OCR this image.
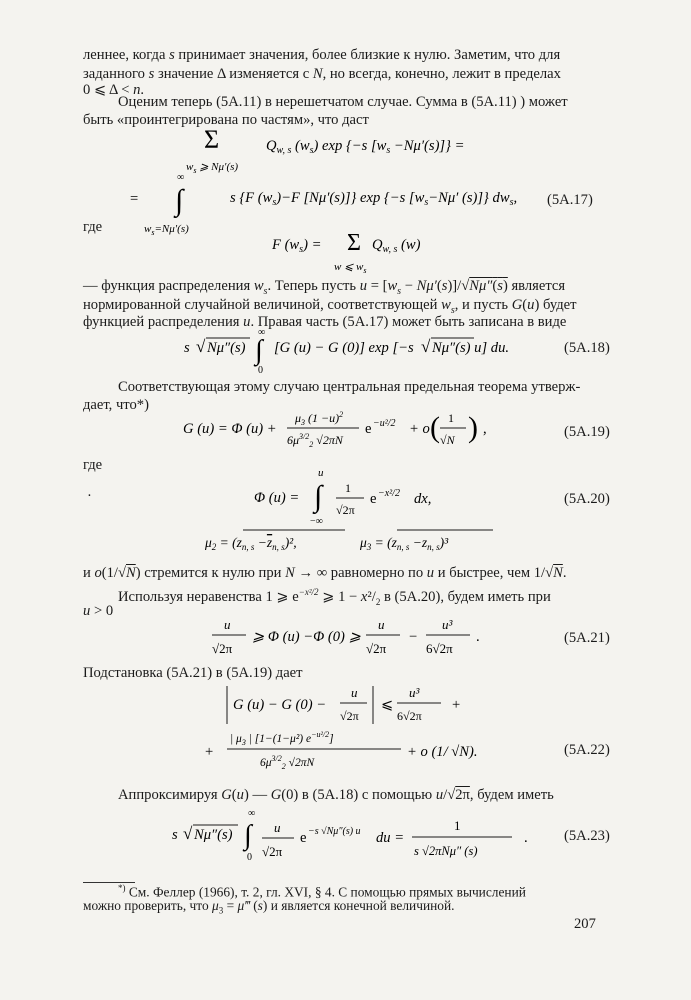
леннее, когда s принимает значения, более близкие к нулю. Заметим, что для
заданного s значение Δ изменяется с N, но всегда, конечно, лежит в пределах
0 ⩽ Δ < n.
Оценим теперь (5А.11) в нерешетчатом случае. Сумма в (5А.11) ) может
быть «проинтегрирована по частям», что даст
Σ
$w_s$ ⩾ Nμ′(s)
$Q_{w, s}$ $(w_s)$ exp {−s $[w_s -N\mu'(s)]$} =
=
∞
∫
$w_s=N\mu'(s)$
s {F $(w_s)-F$ [Nμ′(s)]} exp {−s [$w_s-N\mu'$ (s)]} $dw_s$, (5А.17)
где
F $(w_s) = \Sigma$
w ⩽ $w_s$
$Q_{w, s}$ (w)
— функция распределения $w_s$. Теперь пусть $u = [w_s - N\mu'(s)]/√N\mu''(s)$ является
нормированной случайной величиной, соответствующей $w_s$, и пусть G(u) будет
функцией распределения u. Правая часть (5А.17) может быть записана в виде
s √ Nμ″(s)
∞
∫
0
[G (u) − G (0)] exp [−s √ Nμ″(s) u] du.	(5А.18)
Соответствующая этому случаю центральная предельная теорема утверж-
дает, что*)
G (u) = Φ (u) +
$\mu_3$ $(1 -u)^2$
$6\mu^{3/2}_2$ √2πN
e −u²/2 + o ( 1
√N ) ,	(5А.19)
где
·	Φ (u) =
u
∫
−∞
1
√2π
e −x²/2 dx,	(5А.20)
$\mu_2 = (z_{n, s} -z_{n, s})^2$,	$\mu_3 = (z_{n, s} -z_{n, s})^3$
и o(1/√N) стремится к нулю при N → ∞ равномерно по u и быстрее, чем 1/√N.
Используя неравенства 1 ⩾ $e^{-x^2/2}$ ⩾ $1 - x^2/_2$ в (5А.20), будем иметь при
u > 0
u
√2π
⩾ Φ (u) −Φ (0) ⩾
u
√2π
−
u³
6√2π
.	(5А.21)
Подстановка (5А.21) в (5А.19) дает
G (u) − G (0) −
u
√2π
⩽
u³
6√2π
+
+
| $\mu_3$ | [1−(1−μ²) $e^{-u^2/2}$]
$6\mu^{3/2}_2$ √2πN
+ o (1/ √N).	(5А.22)
Аппроксимируя G(u) — G(0) в (5А.18) с помощью u/√2π, будем иметь
s √ Nμ″(s)
∞
∫
0
u
√2π
e −s √Nμ″(s) u du =
1
s √2πNμ″ (s)
. (5А.23)
*) См. Феллер (1966), т. 2, гл. XVI, § 4. С помощью прямых вычислений
можно проверить, что $\mu_3$ = μ‴ (s) и является конечной величиной.
207
